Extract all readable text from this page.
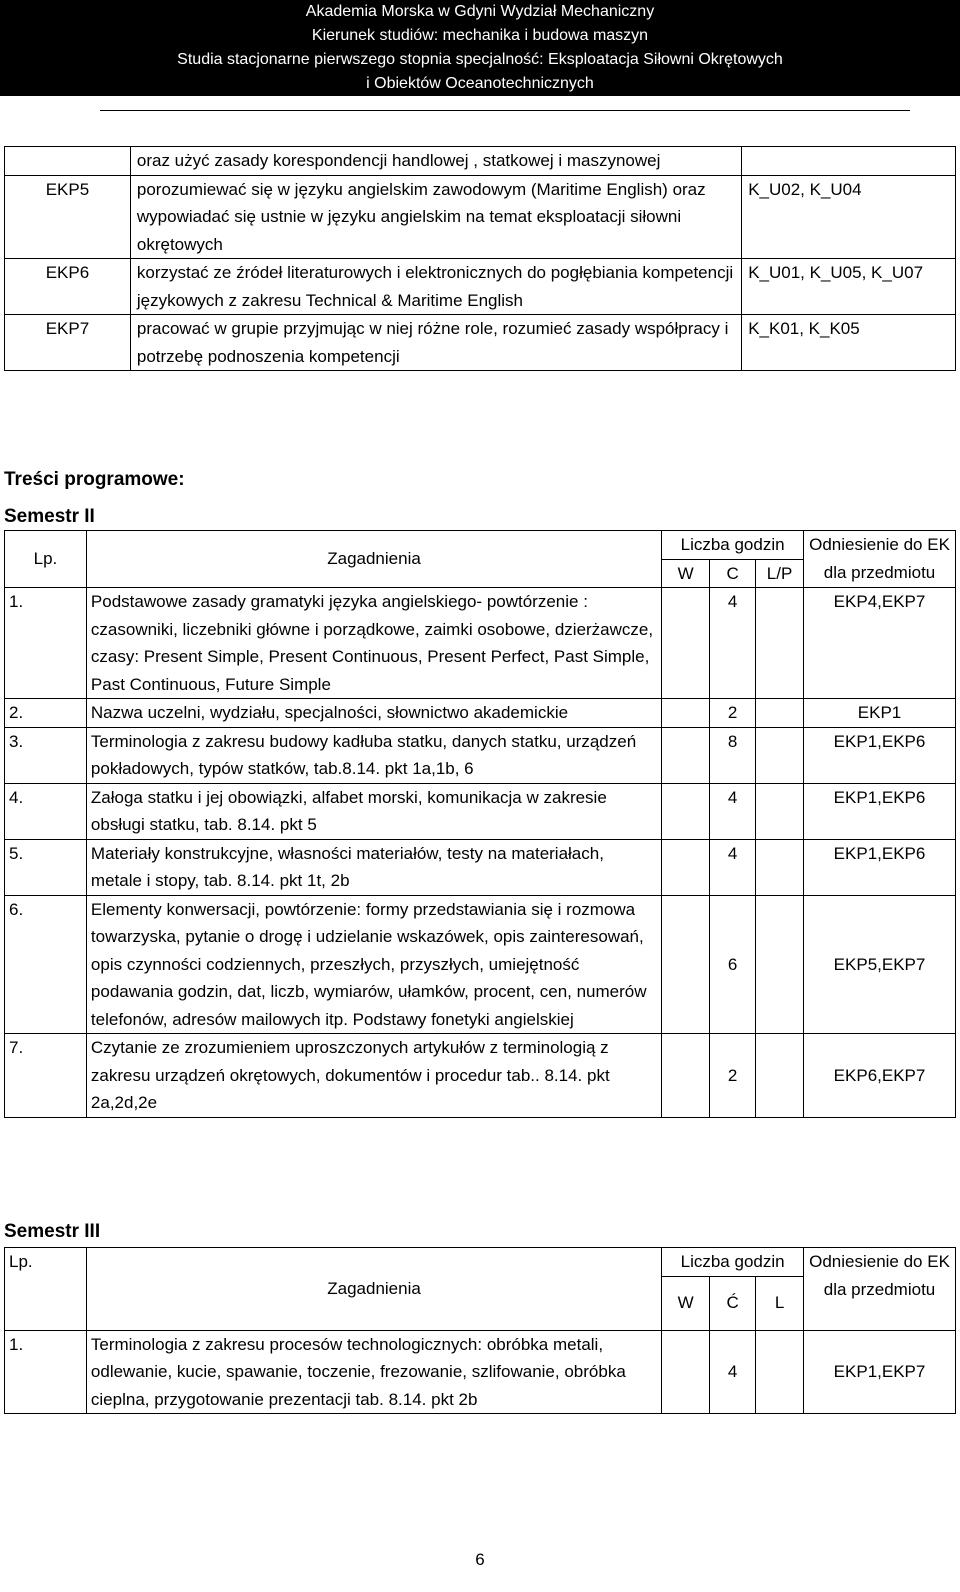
Akademia Morska w Gdyni Wydział Mechaniczny
Kierunek studiów: mechanika i budowa maszyn
Studia stacjonarne pierwszego stopnia specjalność: Eksploatacja Siłowni Okrętowych
i Obiektów Oceanotechnicznych
	oraz użyć zasady korespondencji handlowej , statkowej i maszynowej	
EKP5	porozumiewać się w języku angielskim zawodowym (Maritime English) oraz wypowiadać się ustnie w języku angielskim na temat eksploatacji siłowni okrętowych	K_U02, K_U04
EKP6	korzystać ze źródeł literaturowych i elektronicznych do pogłębiania kompetencji językowych z zakresu Technical & Maritime English	K_U01, K_U05, K_U07
EKP7	pracować w grupie przyjmując w niej różne role, rozumieć zasady współpracy i potrzebę podnoszenia kompetencji	K_K01, K_K05
Treści programowe:
Semestr II
Lp.	Zagadnienia	Liczba godzin			Odniesienie do EK dla przedmiotu
		W	C	L/P	
1.	Podstawowe zasady gramatyki języka angielskiego- powtórzenie : czasowniki, liczebniki główne i porządkowe, zaimki osobowe, dzierżawcze, czasy: Present Simple, Present Continuous, Present Perfect, Past Simple, Past Continuous, Future Simple		4		EKP4,EKP7
2.	Nazwa uczelni, wydziału, specjalności, słownictwo akademickie		2		EKP1
3.	Terminologia z zakresu budowy kadłuba statku, danych statku, urządzeń pokładowych, typów statków, tab.8.14. pkt 1a,1b, 6		8		EKP1,EKP6
4.	Załoga statku i jej obowiązki, alfabet morski, komunikacja w zakresie obsługi statku, tab. 8.14. pkt 5		4		EKP1,EKP6
5.	Materiały konstrukcyjne, własności materiałów, testy na materiałach, metale i stopy, tab. 8.14. pkt 1t, 2b		4		EKP1,EKP6
6.	Elementy konwersacji, powtórzenie: formy przedstawiania się i rozmowa towarzyska, pytanie o drogę i udzielanie wskazówek, opis zainteresowań, opis czynności codziennych, przeszłych, przyszłych, umiejętność podawania godzin, dat, liczb, wymiarów, ułamków, procent, cen, numerów telefonów, adresów mailowych itp. Podstawy fonetyki angielskiej		6		EKP5,EKP7
7.	Czytanie ze zrozumieniem uproszczonych artykułów z terminologią z zakresu urządzeń okrętowych, dokumentów i procedur tab.. 8.14. pkt 2a,2d,2e		2		EKP6,EKP7
Semestr III
Lp.	Zagadnienia	Liczba godzin			Odniesienie do EK dla przedmiotu
		W	Ć	L	
1.	Terminologia z zakresu procesów technologicznych: obróbka metali, odlewanie, kucie, spawanie, toczenie, frezowanie, szlifowanie, obróbka cieplna, przygotowanie prezentacji tab. 8.14. pkt 2b		4		EKP1,EKP7
6
